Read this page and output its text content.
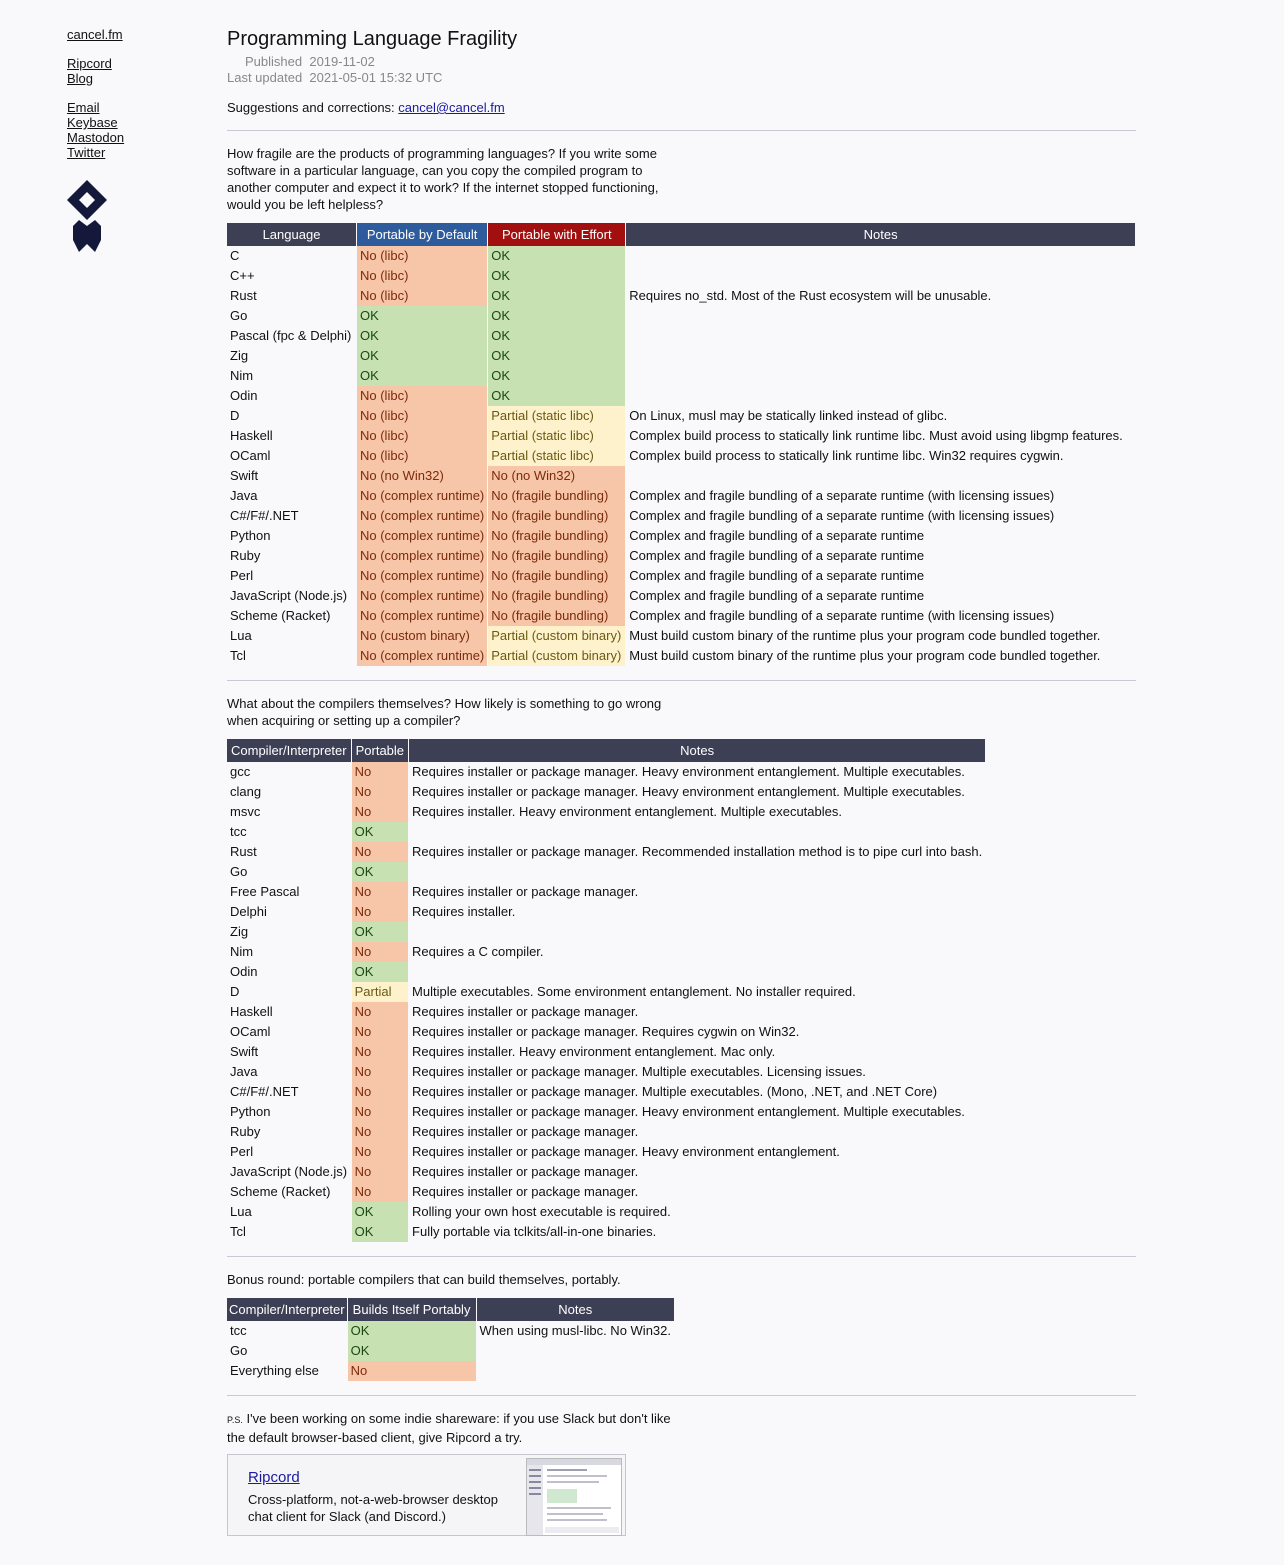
cancel.fm
Ripcord
Blog
Email
Keybase
Mastodon
Twitter
Programming Language Fragility
Published 2019-11-02
Last updated 2021-05-01 15:32 UTC
Suggestions and corrections: cancel@cancel.fm

How fragile are the products of programming languages? If you write some software in a particular language, can you copy the compiled program to another computer and expect it to work? If the internet stopped functioning, would you be left helpless?

Language	Portable by Default	Portable with Effort	Notes
C	No (libc)	OK	
C++	No (libc)	OK	
Rust	No (libc)	OK	Requires no_std. Most of the Rust ecosystem will be unusable.
Go	OK	OK	
Pascal (fpc & Delphi)	OK	OK	
Zig	OK	OK	
Nim	OK	OK	
Odin	No (libc)	OK	
D	No (libc)	Partial (static libc)	On Linux, musl may be statically linked instead of glibc.
Haskell	No (libc)	Partial (static libc)	Complex build process to statically link runtime libc. Must avoid using libgmp features.
OCaml	No (libc)	Partial (static libc)	Complex build process to statically link runtime libc. Win32 requires cygwin.
Swift	No (no Win32)	No (no Win32)	
Java	No (complex runtime)	No (fragile bundling)	Complex and fragile bundling of a separate runtime (with licensing issues)
C#/F#/.NET	No (complex runtime)	No (fragile bundling)	Complex and fragile bundling of a separate runtime (with licensing issues)
Python	No (complex runtime)	No (fragile bundling)	Complex and fragile bundling of a separate runtime
Ruby	No (complex runtime)	No (fragile bundling)	Complex and fragile bundling of a separate runtime
Perl	No (complex runtime)	No (fragile bundling)	Complex and fragile bundling of a separate runtime
JavaScript (Node.js)	No (complex runtime)	No (fragile bundling)	Complex and fragile bundling of a separate runtime
Scheme (Racket)	No (complex runtime)	No (fragile bundling)	Complex and fragile bundling of a separate runtime (with licensing issues)
Lua	No (custom binary)	Partial (custom binary)	Must build custom binary of the runtime plus your program code bundled together.
Tcl	No (complex runtime)	Partial (custom binary)	Must build custom binary of the runtime plus your program code bundled together.

What about the compilers themselves? How likely is something to go wrong when acquiring or setting up a compiler?

Compiler/Interpreter	Portable	Notes
gcc	No	Requires installer or package manager. Heavy environment entanglement. Multiple executables.
clang	No	Requires installer or package manager. Heavy environment entanglement. Multiple executables.
msvc	No	Requires installer. Heavy environment entanglement. Multiple executables.
tcc	OK	
Rust	No	Requires installer or package manager. Recommended installation method is to pipe curl into bash.
Go	OK	
Free Pascal	No	Requires installer or package manager.
Delphi	No	Requires installer.
Zig	OK	
Nim	No	Requires a C compiler.
Odin	OK	
D	Partial	Multiple executables. Some environment entanglement. No installer required.
Haskell	No	Requires installer or package manager.
OCaml	No	Requires installer or package manager. Requires cygwin on Win32.
Swift	No	Requires installer. Heavy environment entanglement. Mac only.
Java	No	Requires installer or package manager. Multiple executables. Licensing issues.
C#/F#/.NET	No	Requires installer or package manager. Multiple executables. (Mono, .NET, and .NET Core)
Python	No	Requires installer or package manager. Heavy environment entanglement. Multiple executables.
Ruby	No	Requires installer or package manager.
Perl	No	Requires installer or package manager. Heavy environment entanglement.
JavaScript (Node.js)	No	Requires installer or package manager.
Scheme (Racket)	No	Requires installer or package manager.
Lua	OK	Rolling your own host executable is required.
Tcl	OK	Fully portable via tclkits/all-in-one binaries.

Bonus round: portable compilers that can build themselves, portably.

Compiler/Interpreter	Builds Itself Portably	Notes
tcc	OK	When using musl-libc. No Win32.
Go	OK	
Everything else	No	

P.S. I've been working on some indie shareware: if you use Slack but don't like the default browser-based client, give Ripcord a try.

Ripcord
Cross-platform, not-a-web-browser desktop chat client for Slack (and Discord.)
